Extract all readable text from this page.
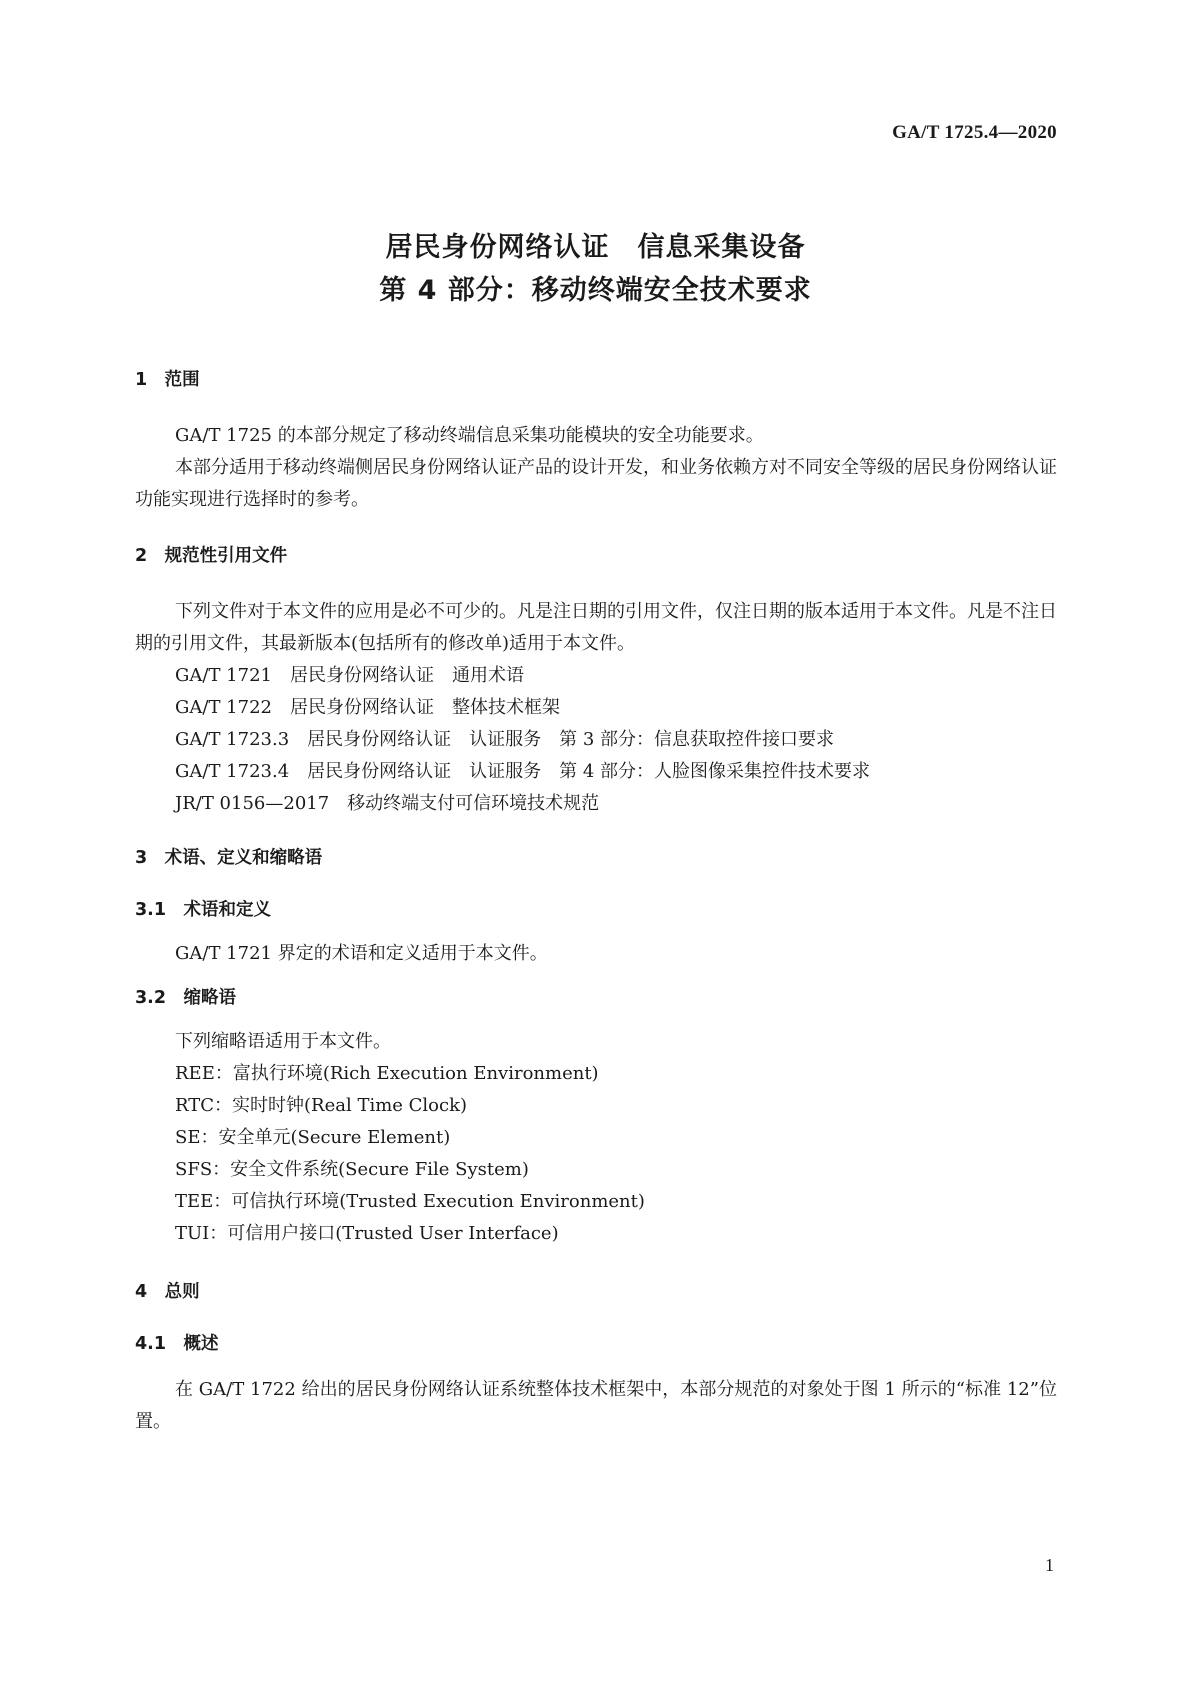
GA/T 1725.4—2020
居民身份网络认证　信息采集设备
第 4 部分：移动终端安全技术要求
1　范围

GA/T 1725 的本部分规定了移动终端信息采集功能模块的安全功能要求。

本部分适用于移动终端侧居民身份网络认证产品的设计开发，和业务依赖方对不同安全等级的居民身份网络认证功能实现进行选择时的参考。

2　规范性引用文件

下列文件对于本文件的应用是必不可少的。凡是注日期的引用文件，仅注日期的版本适用于本文件。凡是不注日期的引用文件，其最新版本(包括所有的修改单)适用于本文件。

GA/T 1721　居民身份网络认证　通用术语
GA/T 1722　居民身份网络认证　整体技术框架
GA/T 1723.3　居民身份网络认证　认证服务　第 3 部分：信息获取控件接口要求
GA/T 1723.4　居民身份网络认证　认证服务　第 4 部分：人脸图像采集控件技术要求
JR/T 0156—2017　移动终端支付可信环境技术规范
3　术语、定义和缩略语
3.1　术语和定义

GA/T 1721 界定的术语和定义适用于本文件。

3.2　缩略语

下列缩略语适用于本文件。

REE：富执行环境(Rich Execution Environment)
RTC：实时时钟(Real Time Clock)
SE：安全单元(Secure Element)
SFS：安全文件系统(Secure File System)
TEE：可信执行环境(Trusted Execution Environment)
TUI：可信用户接口(Trusted User Interface)
4　总则
4.1　概述

在 GA/T 1722 给出的居民身份网络认证系统整体技术框架中，本部分规范的对象处于图 1 所示的“标准 12”位置。

1
